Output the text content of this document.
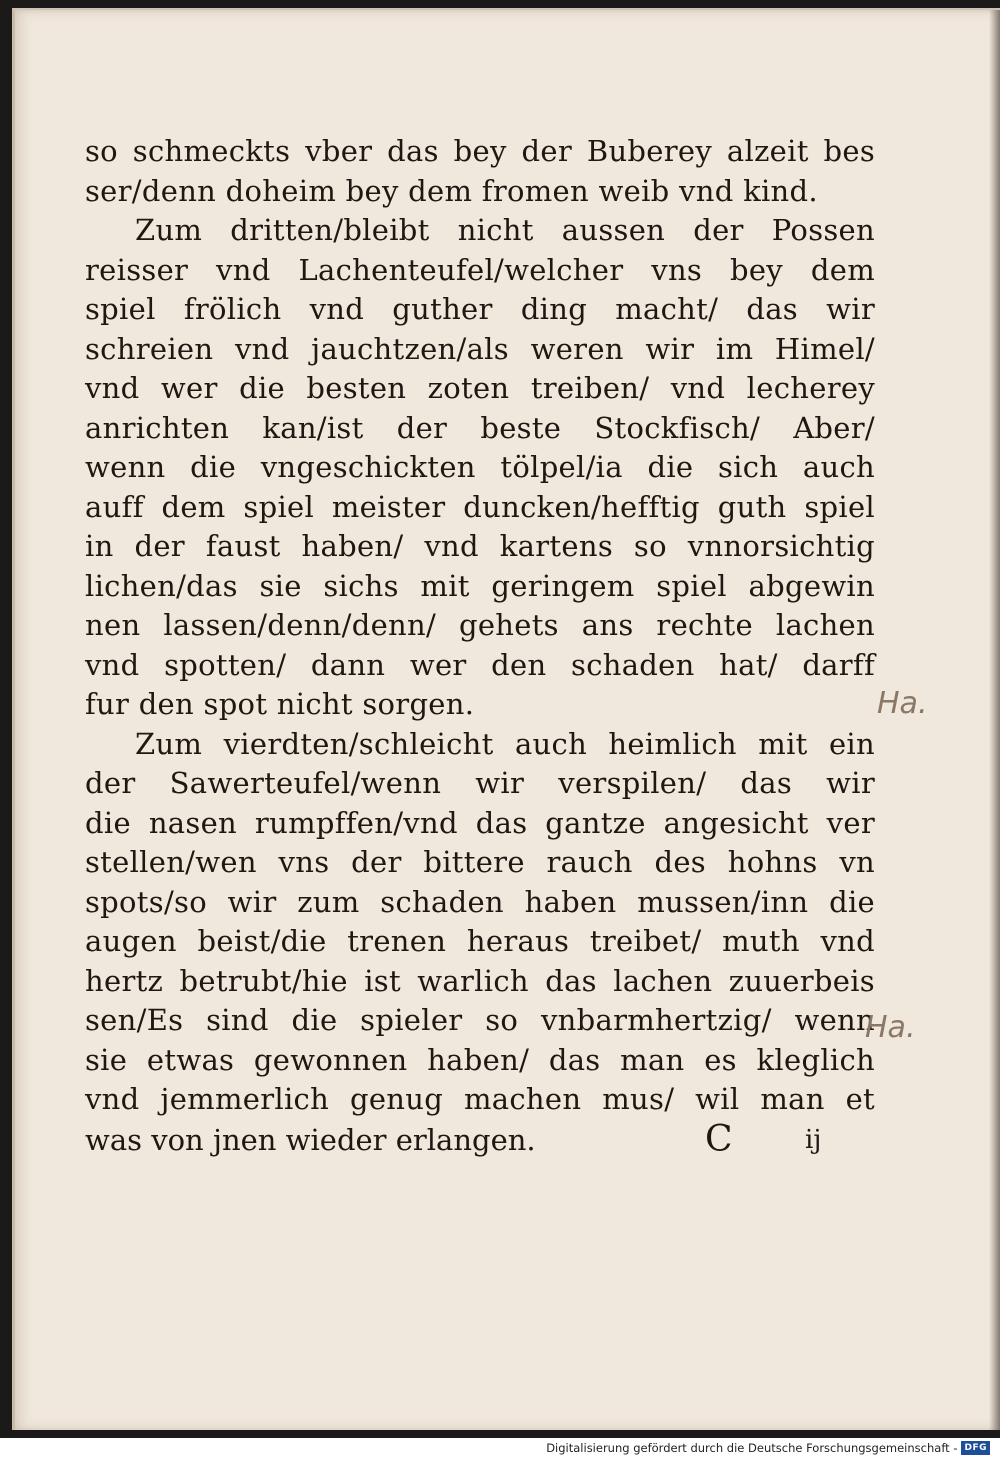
so schmeckts vber das bey der Buberey alzeit bes
ser/denn doheim bey dem fromen weib vnd kind.
Zum dritten/bleibt nicht aussen der Possen
reisser vnd Lachenteufel/welcher vns bey dem
spiel frölich vnd guther ding macht/ das wir
schreien vnd jauchtzen/als weren wir im Himel/
vnd wer die besten zoten treiben/ vnd lecherey
anrichten kan/ist der beste Stockfisch/ Aber/
wenn die vngeschickten tölpel/ia die sich auch
auff dem spiel meister duncken/hefftig guth spiel
in der faust haben/ vnd kartens so vnnorsichtig
lichen/das sie sichs mit geringem spiel abgewin
nen lassen/denn/denn/ gehets ans rechte lachen
vnd spotten/ dann wer den schaden hat/ darff
fur den spot nicht sorgen.
Zum vierdten/schleicht auch heimlich mit ein
der Sawerteufel/wenn wir verspilen/ das wir
die nasen rumpffen/vnd das gantze angesicht ver
stellen/wen vns der bittere rauch des hohns vn
spots/so wir zum schaden haben mussen/inn die
augen beist/die trenen heraus treibet/ muth vnd
hertz betrubt/hie ist warlich das lachen zuuerbeis
sen/Es sind die spieler so vnbarmhertzig/ wenn
sie etwas gewonnen haben/ das man es kleglich
vnd jemmerlich genug machen mus/ wil man et
was von jnen wieder erlangen.	C	ij
Ha.
Ha.
Digitalisierung gefördert durch die Deutsche Forschungsgemeinschaft - DFG
